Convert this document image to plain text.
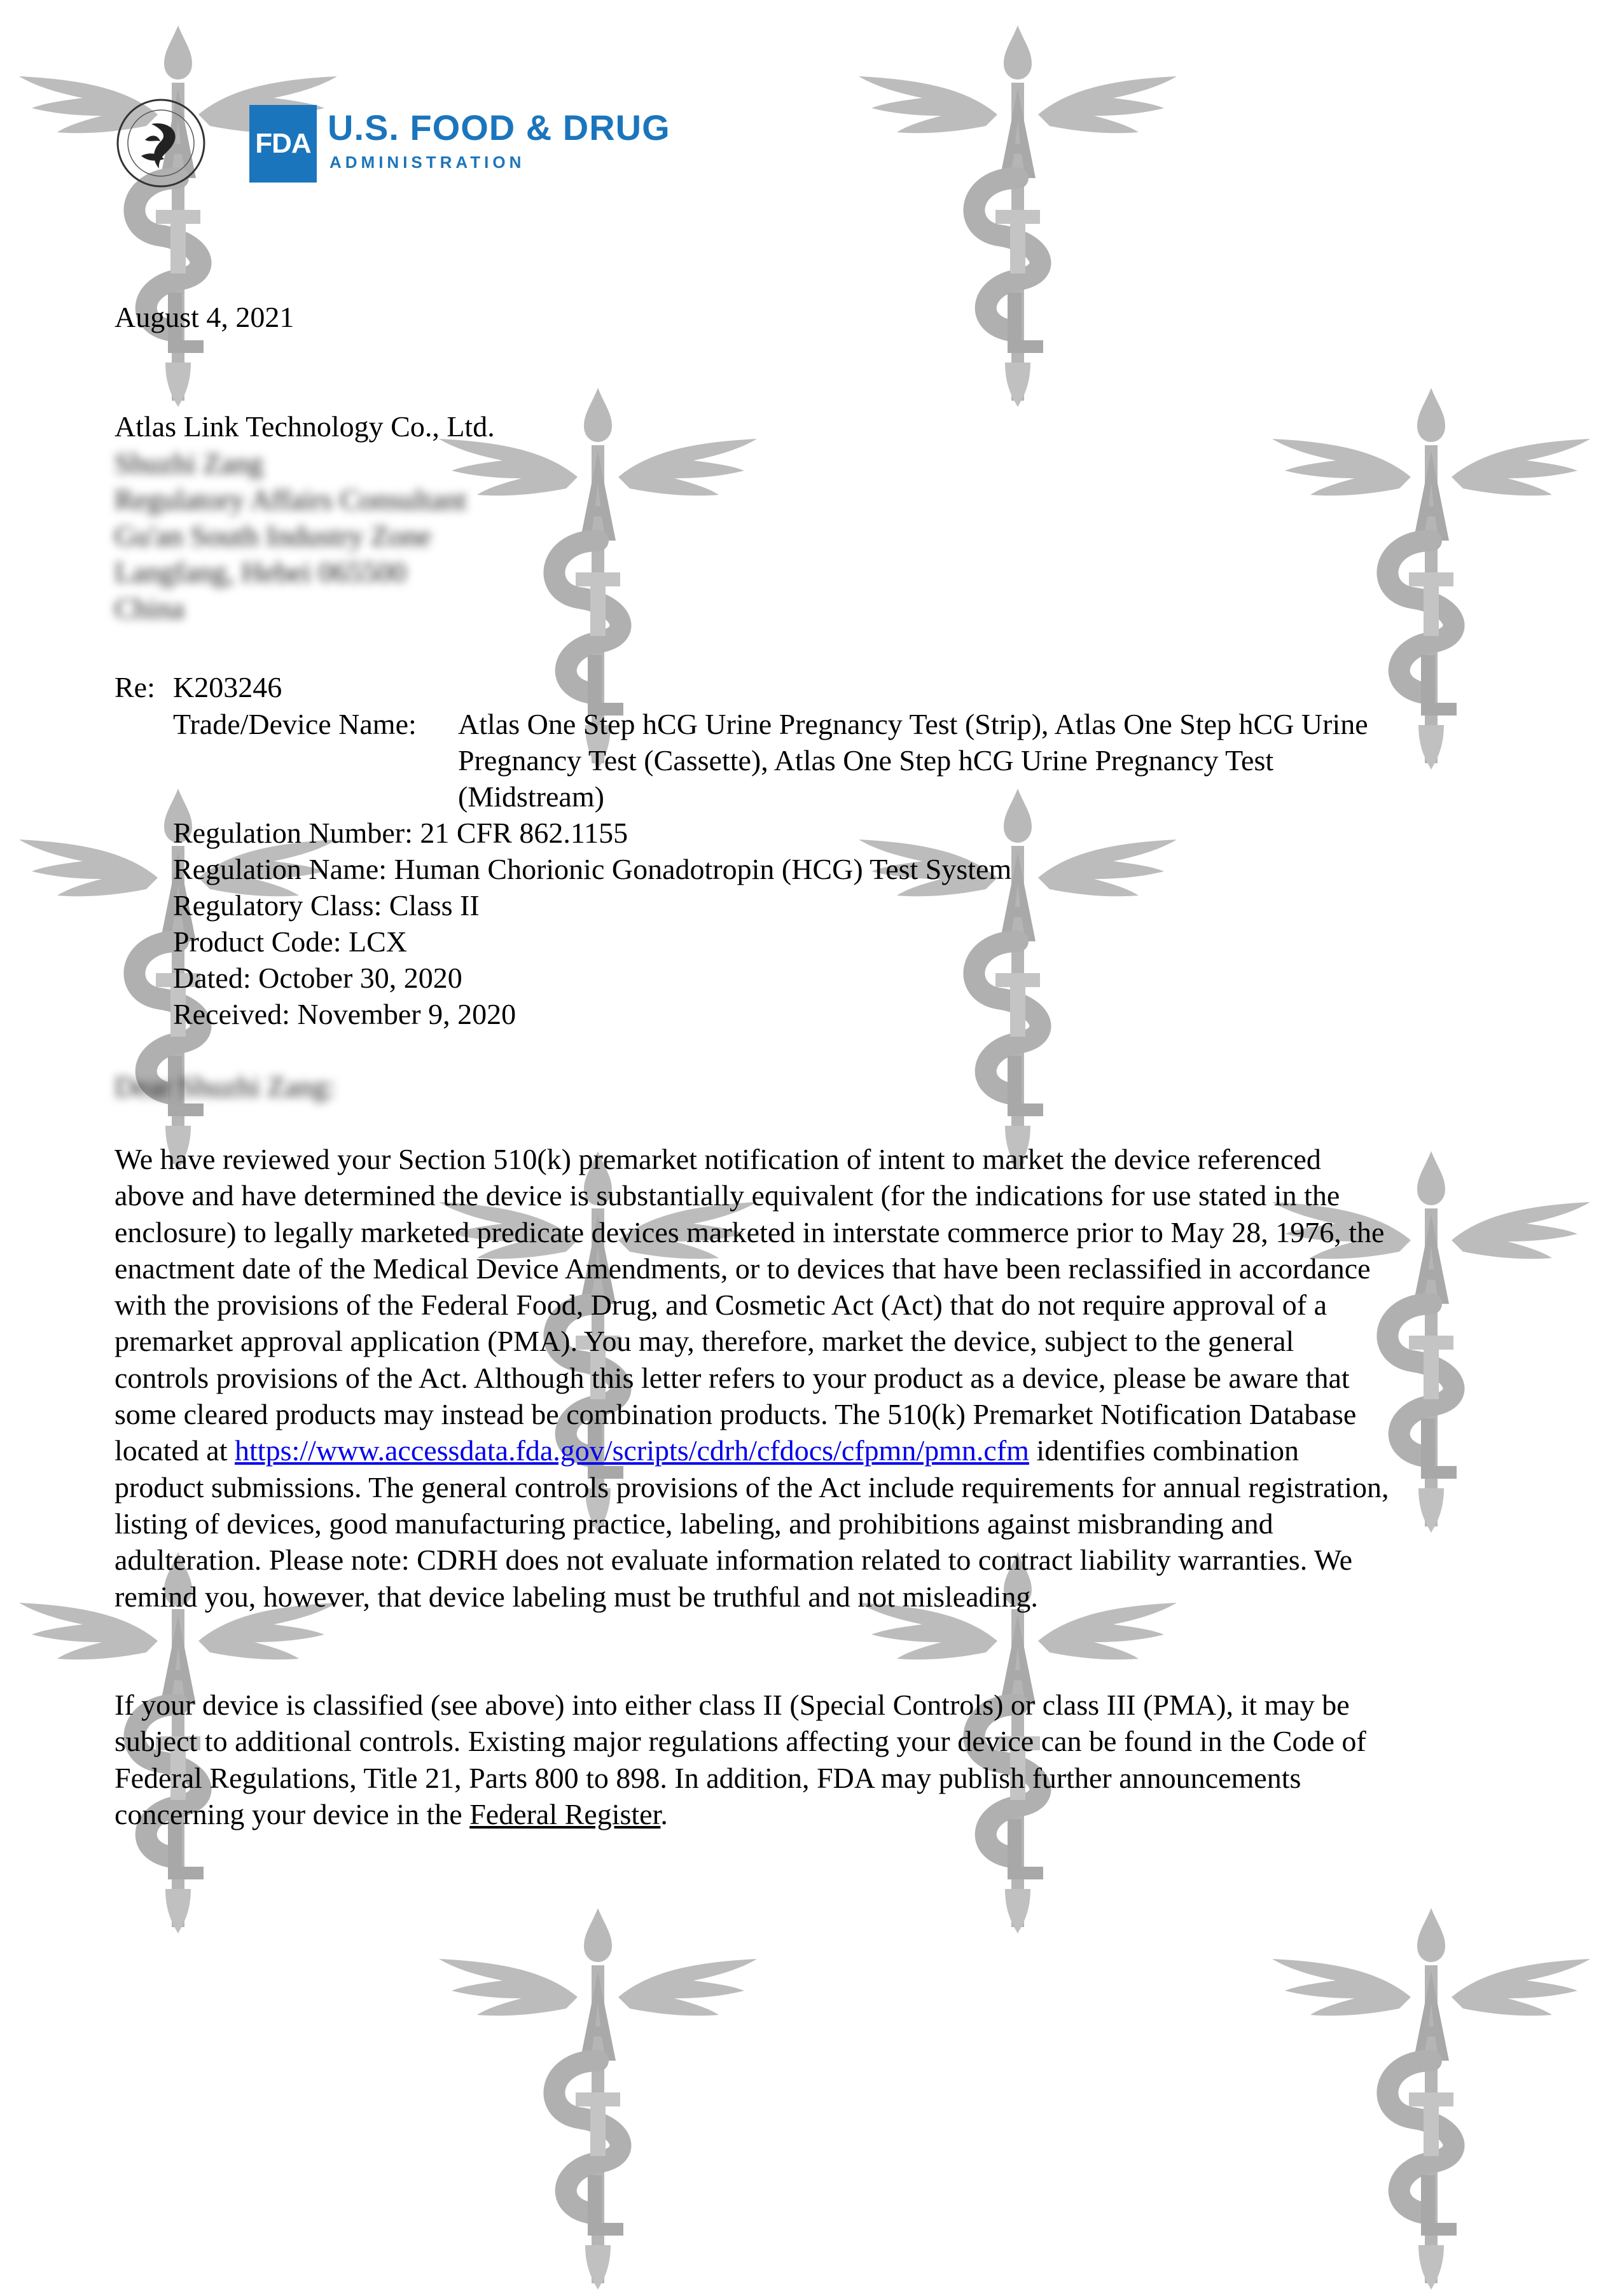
FDA U.S. FOOD & DRUG
ADMINISTRATION
August 4, 2021
Atlas Link Technology Co., Ltd.
Shuzhi Zang
Regulatory Affairs Consultant
Gu'an South Industry Zone
Langfang, Hebei 065500
China
Re: K203246
Trade/Device Name: Atlas One Step hCG Urine Pregnancy Test (Strip), Atlas One Step hCG Urine
Pregnancy Test (Cassette), Atlas One Step hCG Urine Pregnancy Test
(Midstream)
Regulation Number: 21 CFR 862.1155
Regulation Name: Human Chorionic Gonadotropin (HCG) Test System
Regulatory Class: Class II
Product Code: LCX
Dated: October 30, 2020
Received: November 9, 2020
Dear Shuzhi Zang:
We have reviewed your Section 510(k) premarket notification of intent to market the device referenced
above and have determined the device is substantially equivalent (for the indications for use stated in the
enclosure) to legally marketed predicate devices marketed in interstate commerce prior to May 28, 1976, the
enactment date of the Medical Device Amendments, or to devices that have been reclassified in accordance
with the provisions of the Federal Food, Drug, and Cosmetic Act (Act) that do not require approval of a
premarket approval application (PMA). You may, therefore, market the device, subject to the general
controls provisions of the Act. Although this letter refers to your product as a device, please be aware that
some cleared products may instead be combination products. The 510(k) Premarket Notification Database
located at https://www.accessdata.fda.gov/scripts/cdrh/cfdocs/cfpmn/pmn.cfm identifies combination
product submissions. The general controls provisions of the Act include requirements for annual registration,
listing of devices, good manufacturing practice, labeling, and prohibitions against misbranding and
adulteration. Please note: CDRH does not evaluate information related to contract liability warranties. We
remind you, however, that device labeling must be truthful and not misleading.
If your device is classified (see above) into either class II (Special Controls) or class III (PMA), it may be
subject to additional controls. Existing major regulations affecting your device can be found in the Code of
Federal Regulations, Title 21, Parts 800 to 898. In addition, FDA may publish further announcements
concerning your device in the Federal Register.
